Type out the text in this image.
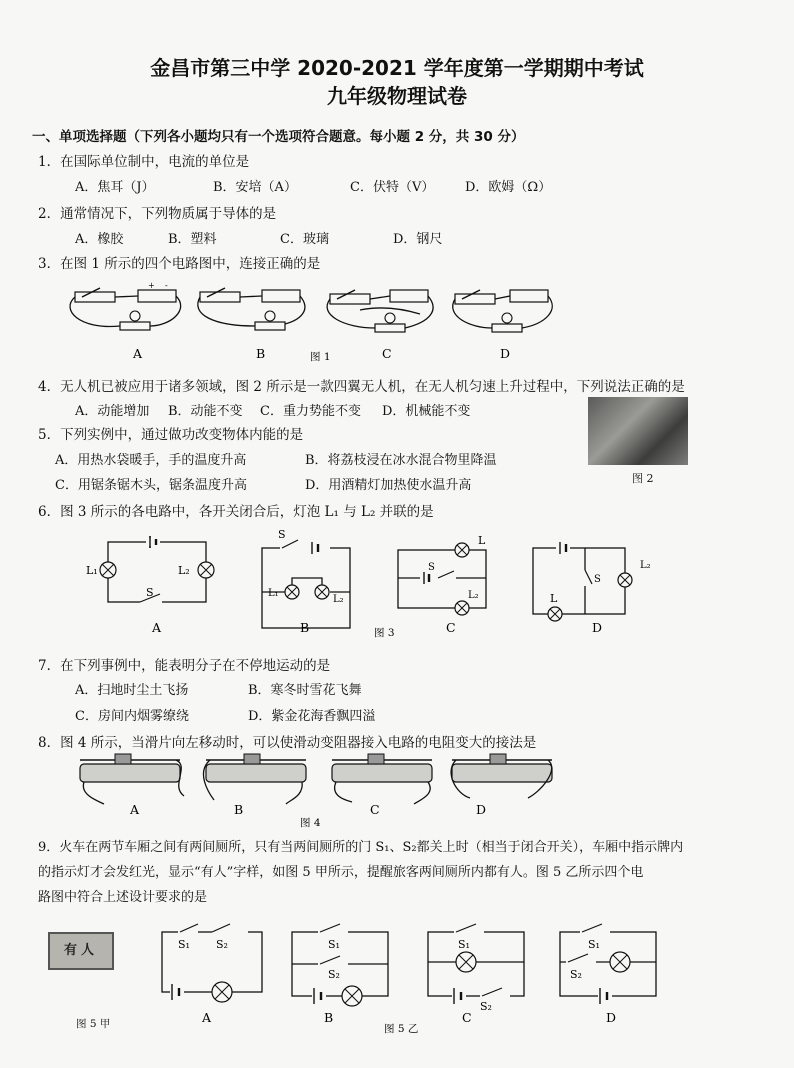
金昌市第三中学 2020-2021 学年度第一学期期中考试
九年级物理试卷
一、单项选择题（下列各小题均只有一个选项符合题意。每小题 2 分，共 30 分）
1．在国际单位制中，电流的单位是
A．焦耳（J）	B．安培（A）	C．伏特（V） D．欧姆（Ω）
2．通常情况下，下列物质属于导体的是
A．橡胶	B．塑料	C．玻璃	D．钢尺
3．在图 1 所示的四个电路图中，连接正确的是
+ -
A	B	图 1	C	D
4．无人机已被应用于诸多领域，图 2 所示是一款四翼无人机，在无人机匀速上升过程中，下列说法正确的是
A．动能增加 B．动能不变 C．重力势能不变 D．机械能不变
图 2
5．下列实例中，通过做功改变物体内能的是
A．用热水袋暖手，手的温度升高	B．将荔枝浸在冰水混合物里降温
C．用锯条锯木头，锯条温度升高	D．用酒精灯加热使水温升高
6．图 3 所示的各电路中，各开关闭合后，灯泡 L₁ 与 L₂ 并联的是
L₁	L₂
S
A
S
L₁
L₂
B
L
S
L₂
C
L₂
S
L
D
图 3
7．在下列事例中，能表明分子在不停地运动的是
A．扫地时尘土飞扬	B．寒冬时雪花飞舞
C．房间内烟雾缭绕	D．紫金花海香飘四溢
8．图 4 所示，当滑片向左移动时，可以使滑动变阻器接入电路的电阻变大的接法是
A	B	C	D
图 4
9．火车在两节车厢之间有两间厕所，只有当两间厕所的门 S₁、S₂都关上时（相当于闭合开关），车厢中指示牌内
的指示灯才会发红光，显示“有人”字样，如图 5 甲所示，提醒旅客两间厕所内都有人。图 5 乙所示四个电
路图中符合上述设计要求的是
有人
图 5 甲
S₁ S₂
A
S₁
S₂
B
S₁
S₂
C
S₁
S₂
D
图 5 乙
